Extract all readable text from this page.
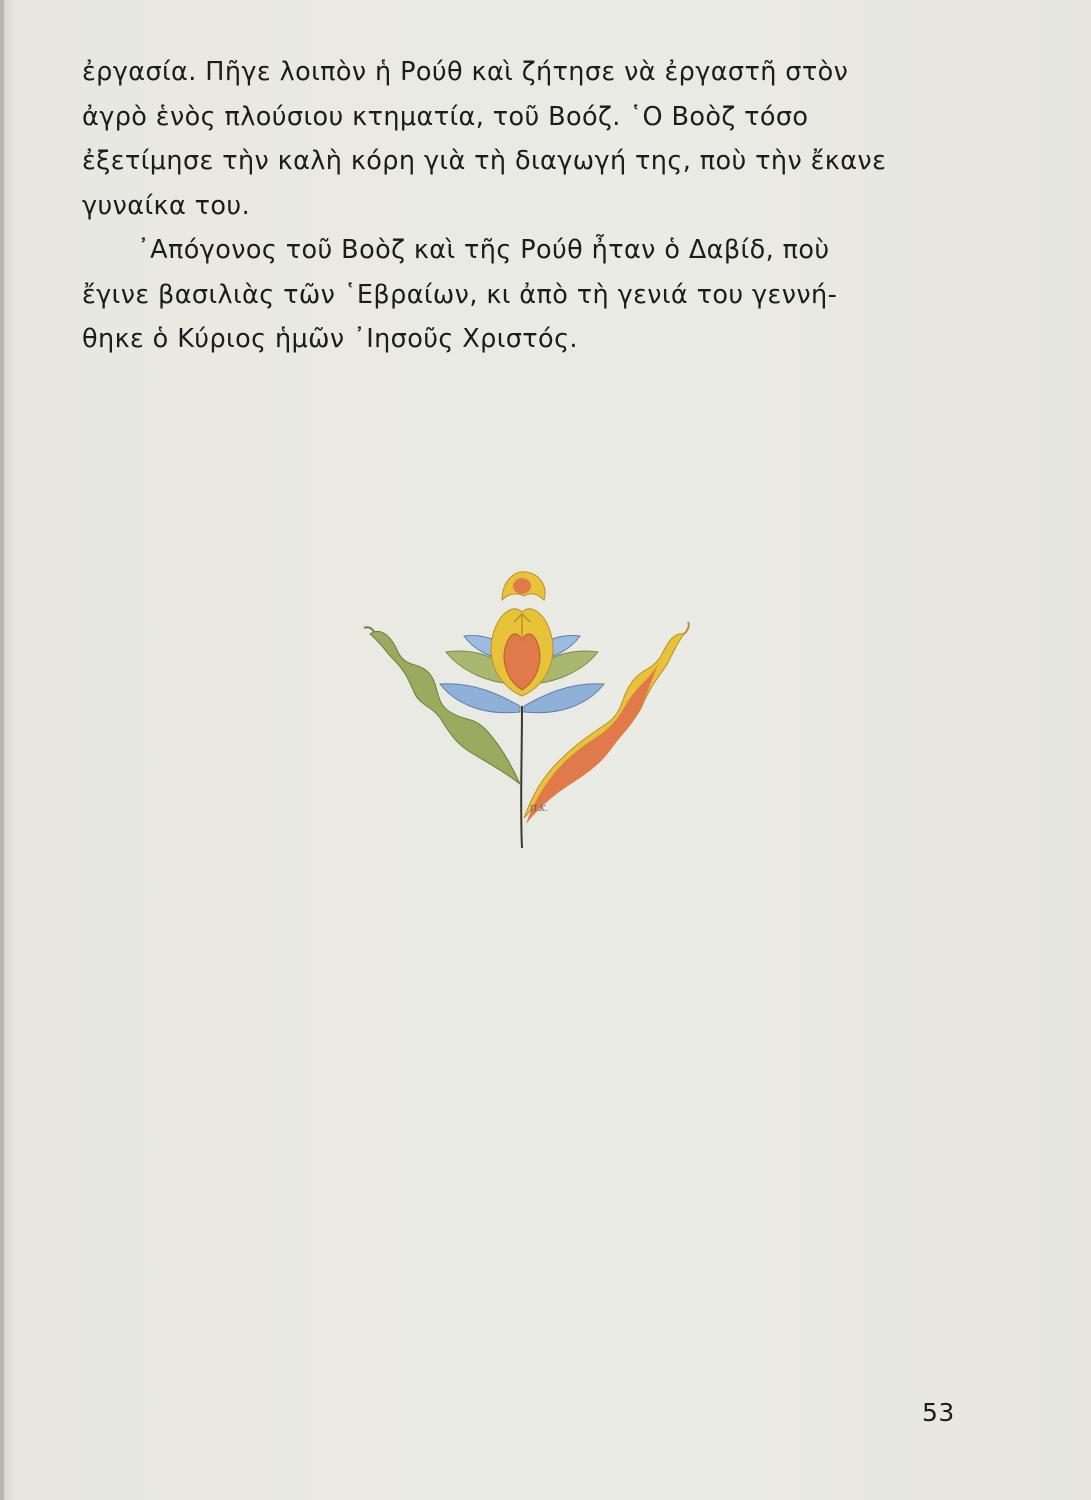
ἐργασία. Πῆγε λοιπὸν ἡ Ρούθ καὶ ζήτησε νὰ ἐργαστῆ στὸν
ἀγρὸ ἑνὸς πλούσιου κτηματία, τοῦ Βοόζ. ῾Ο Βοὸζ τόσο
ἐξετίμησε τὴν καλὴ κόρη γιὰ τὴ διαγωγή της, ποὺ τὴν ἔκανε
γυναίκα του.
᾽Απόγονος τοῦ Βοὸζ καὶ τῆς Ρούθ ἦταν ὁ Δαβίδ, ποὺ
ἔγινε βασιλιὰς τῶν ῾Εβραίων, κι ἀπὸ τὴ γενιά του γεννή-
θηκε ὁ Κύριος ἡμῶν ᾽Ιησοῦς Χριστός.
Π.Κ.
53
